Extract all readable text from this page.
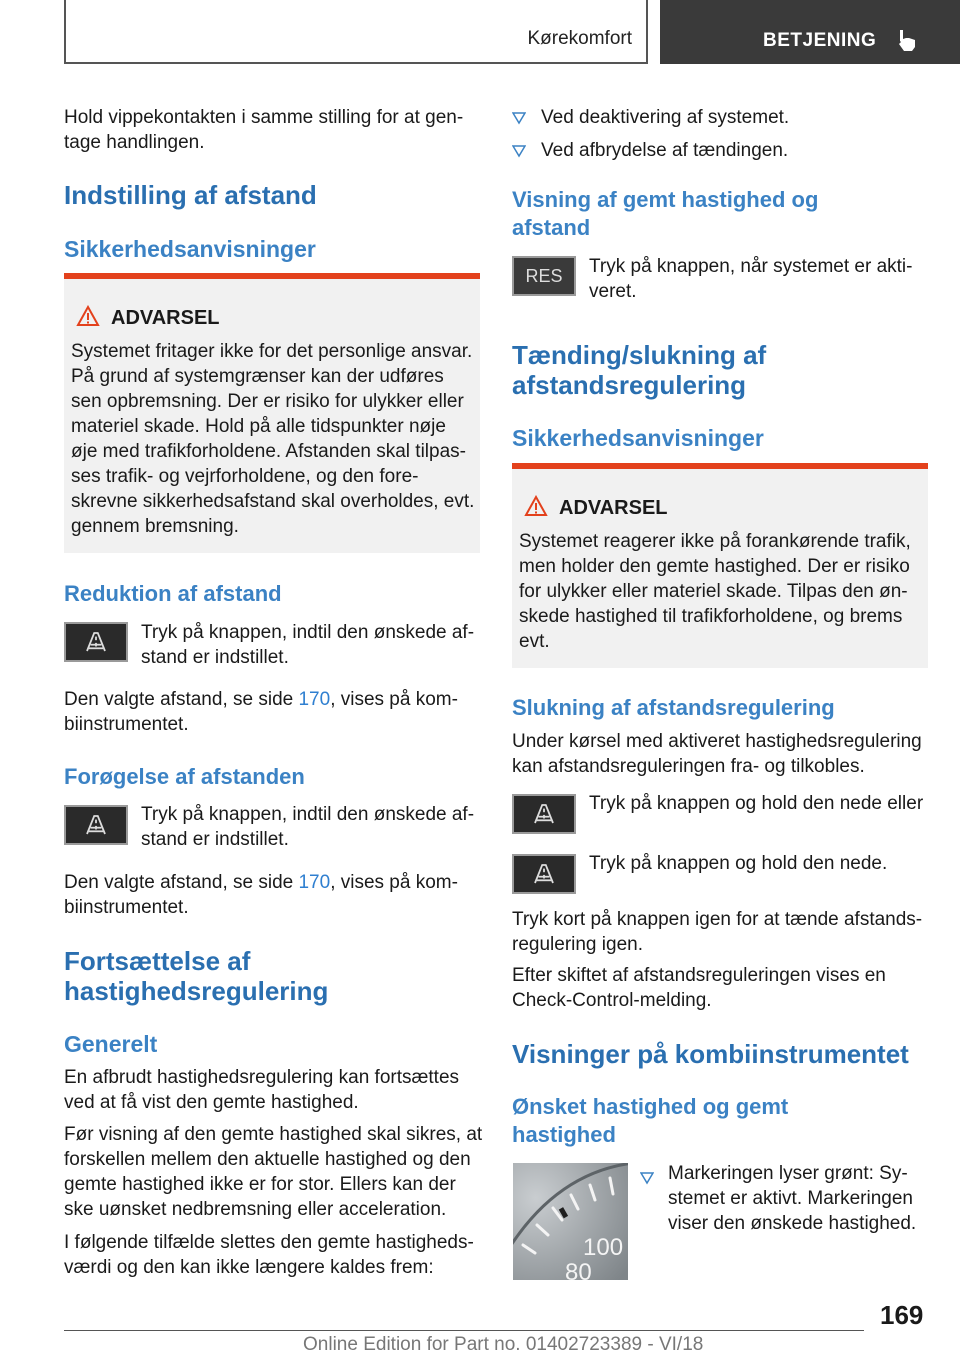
Kørekomfort	BETJENING
Hold vippekontakten i samme stilling for at gen-
tage handlingen.
Indstilling af afstand
Sikkerhedsanvisninger
ADVARSEL
Systemet fritager ikke for det personlige ansvar.
På grund af systemgrænser kan der udføres
sen opbremsning. Der er risiko for ulykker eller
materiel skade. Hold på alle tidspunkter nøje
øje med trafikforholdene. Afstanden skal tilpas-
ses trafik- og vejrforholdene, og den fore-
skrevne sikkerhedsafstand skal overholdes, evt.
gennem bremsning.
Reduktion af afstand
Tryk på knappen, indtil den ønskede af-
stand er indstillet.
Den valgte afstand, se side 170, vises på kom-
biinstrumentet.
Forøgelse af afstanden
Tryk på knappen, indtil den ønskede af-
stand er indstillet.
Den valgte afstand, se side 170, vises på kom-
biinstrumentet.
Fortsættelse af
hastighedsregulering
Generelt
En afbrudt hastighedsregulering kan fortsættes
ved at få vist den gemte hastighed.
Før visning af den gemte hastighed skal sikres, at
forskellen mellem den aktuelle hastighed og den
gemte hastighed ikke er for stor. Ellers kan der
ske uønsket nedbremsning eller acceleration.
I følgende tilfælde slettes den gemte hastigheds-
værdi og den kan ikke længere kaldes frem:
Ved deaktivering af systemet.
Ved afbrydelse af tændingen.
Visning af gemt hastighed og
afstand
RES	Tryk på knappen, når systemet er akti-
veret.
Tænding/slukning af
afstandsregulering
Sikkerhedsanvisninger
ADVARSEL
Systemet reagerer ikke på forankørende trafik,
men holder den gemte hastighed. Der er risiko
for ulykker eller materiel skade. Tilpas den øn-
skede hastighed til trafikforholdene, og brems
evt.
Slukning af afstandsregulering
Under kørsel med aktiveret hastighedsregulering
kan afstandsreguleringen fra- og tilkobles.
Tryk på knappen og hold den nede eller
Tryk på knappen og hold den nede.
Tryk kort på knappen igen for at tænde afstands-
regulering igen.
Efter skiftet af afstandsreguleringen vises en
Check-Control-melding.
Visninger på kombiinstrumentet
Ønsket hastighed og gemt
hastighed
100
80
Markeringen lyser grønt: Sy-
stemet er aktivt. Markeringen
viser den ønskede hastighed.
169
Online Edition for Part no. 01402723389 - VI/18
